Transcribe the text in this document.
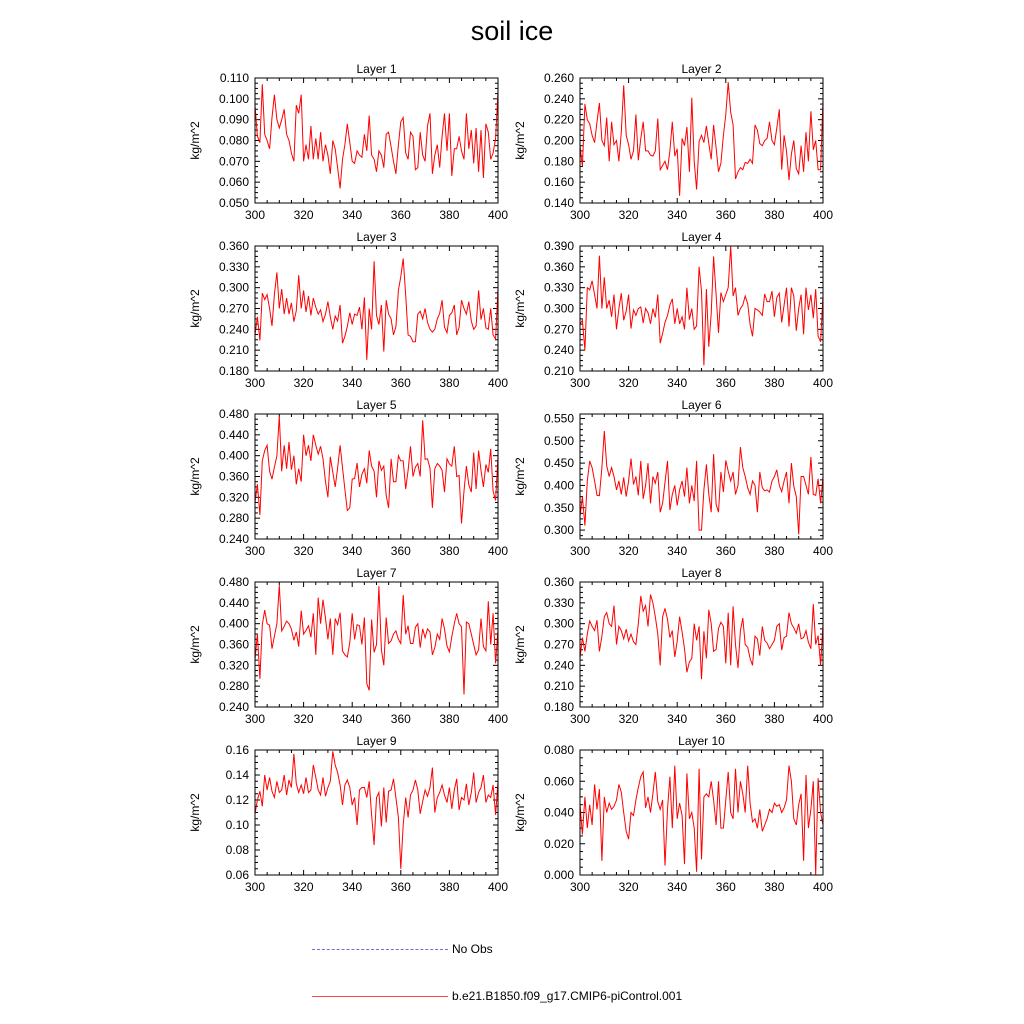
soil ice
Layer 1
kg/m^2
300 320 340 360 380 400
0.050
0.060
0.070
0.080
0.090
0.100
0.110
Layer 2
kg/m^2
300 320 340 360 380 400
0.140
0.160
0.180
0.200
0.220
0.240
0.260
Layer 3
kg/m^2
300 320 340 360 380 400
0.180
0.210
0.240
0.270
0.300
0.330
0.360
Layer 4
kg/m^2
300 320 340 360 380 400
0.210
0.240
0.270
0.300
0.330
0.360
0.390
Layer 5
kg/m^2
300 320 340 360 380 400
0.240
0.280
0.320
0.360
0.400
0.440
0.480
Layer 6
kg/m^2
300 320 340 360 380 400
0.300
0.350
0.400
0.450
0.500
0.550
Layer 7
kg/m^2
300 320 340 360 380 400
0.240
0.280
0.320
0.360
0.400
0.440
0.480
Layer 8
kg/m^2
300 320 340 360 380 400
0.180
0.210
0.240
0.270
0.300
0.330
0.360
Layer 9
kg/m^2
300 320 340 360 380 400
0.06
0.08
0.10
0.12
0.14
0.16
Layer 10
kg/m^2
300 320 340 360 380 400
0.000
0.020
0.040
0.060
0.080
No Obs
b.e21.B1850.f09_g17.CMIP6-piControl.001
